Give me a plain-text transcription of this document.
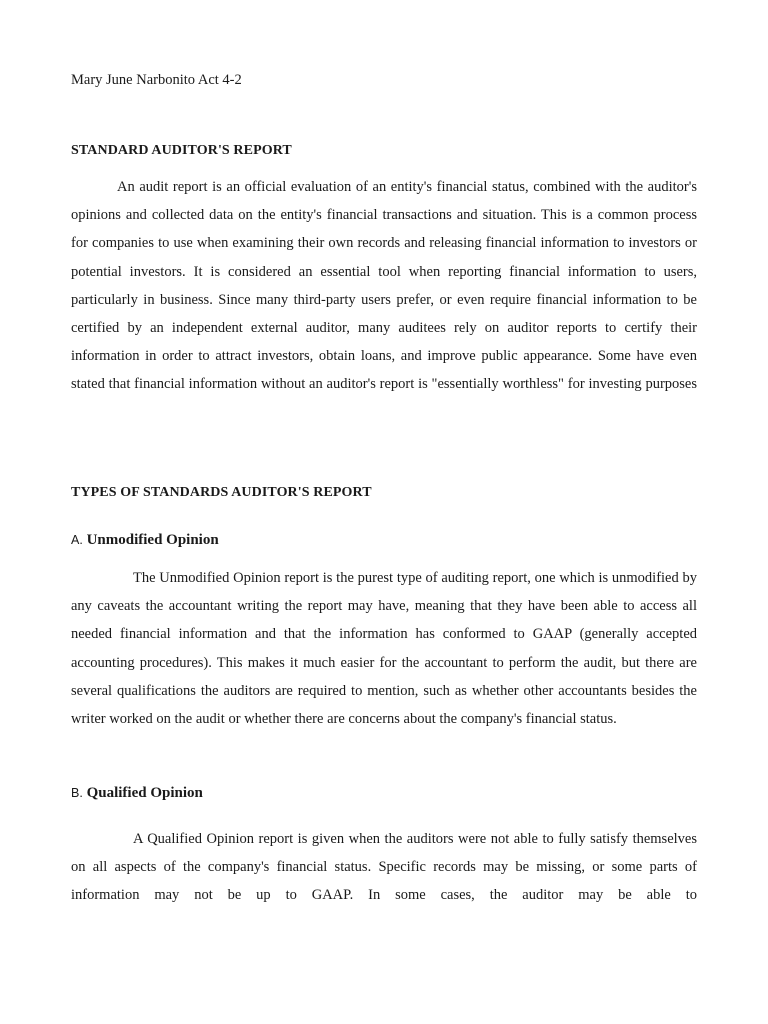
Mary June Narbonito Act 4-2
STANDARD AUDITOR'S REPORT
An audit report is an official evaluation of an entity's financial status, combined with the auditor's opinions and collected data on the entity's financial transactions and situation. This is a common process for companies to use when examining their own records and releasing financial information to investors or potential investors. It is considered an essential tool when reporting financial information to users, particularly in business. Since many third-party users prefer, or even require financial information to be certified by an independent external auditor, many auditees rely on auditor reports to certify their information in order to attract investors, obtain loans, and improve public appearance. Some have even stated that financial information without an auditor's report is "essentially worthless" for investing purposes
TYPES OF STANDARDS AUDITOR'S REPORT
A. Unmodified Opinion
The Unmodified Opinion report is the purest type of auditing report, one which is unmodified by any caveats the accountant writing the report may have, meaning that they have been able to access all needed financial information and that the information has conformed to GAAP (generally accepted accounting procedures). This makes it much easier for the accountant to perform the audit, but there are several qualifications the auditors are required to mention, such as whether other accountants besides the writer worked on the audit or whether there are concerns about the company's financial status.
B. Qualified Opinion
A Qualified Opinion report is given when the auditors were not able to fully satisfy themselves on all aspects of the company's financial status. Specific records may be missing, or some parts of information may not be up to GAAP. In some cases, the auditor may be able to
